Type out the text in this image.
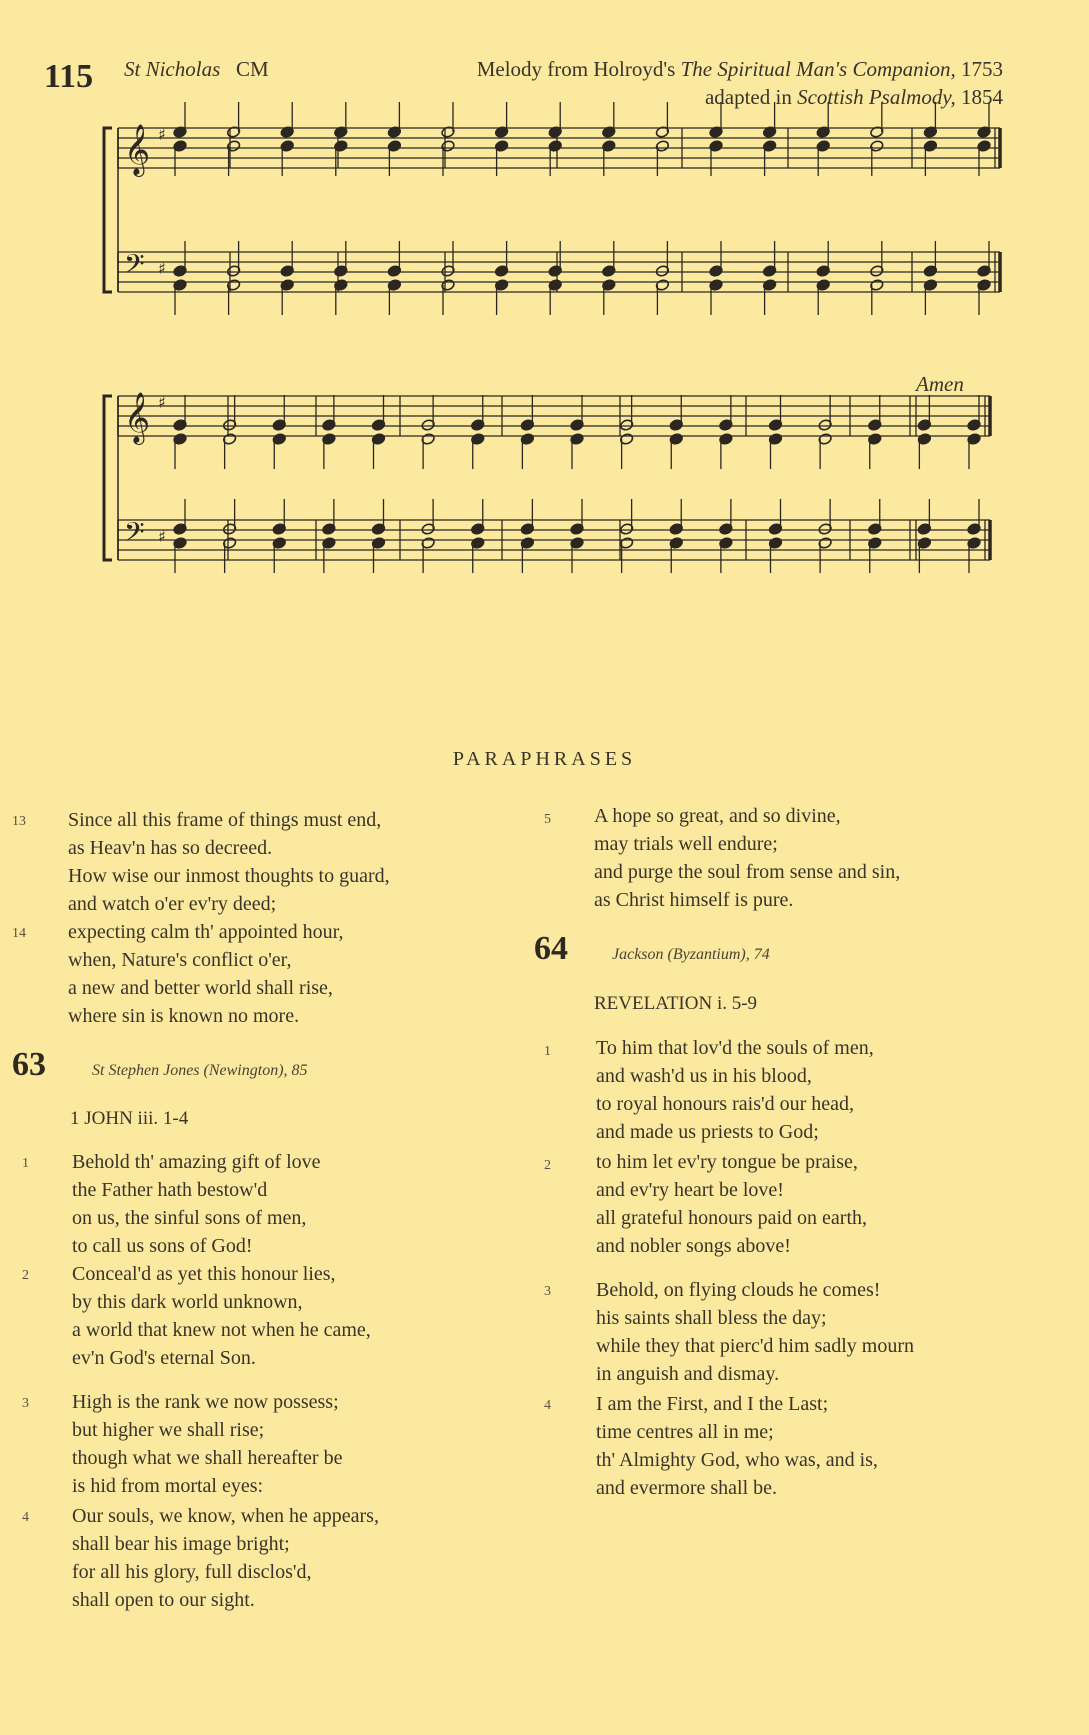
115 St Nicholas CM	Melody from Holroyd's The Spiritual Man's Companion, 1753
adapted in Scottish Psalmody, 1854
Amen
𝄞 ♯
𝄢 ♯
𝄞 ♯
𝄢 ♯
PARAPHRASES
13 Since all this frame of things must end,
as Heav'n has so decreed.
How wise our inmost thoughts to guard,
and watch o'er ev'ry deed;
14 expecting calm th' appointed hour,
when, Nature's conflict o'er,
a new and better world shall rise,
where sin is known no more.
63	St Stephen Jones (Newington), 85
1 JOHN iii. 1-4
1 Behold th' amazing gift of love
the Father hath bestow'd
on us, the sinful sons of men,
to call us sons of God!
2 Conceal'd as yet this honour lies,
by this dark world unknown,
a world that knew not when he came,
ev'n God's eternal Son.
3 High is the rank we now possess;
but higher we shall rise;
though what we shall hereafter be
is hid from mortal eyes:
4 Our souls, we know, when he appears,
shall bear his image bright;
for all his glory, full disclos'd,
shall open to our sight.
5 A hope so great, and so divine,
may trials well endure;
and purge the soul from sense and sin,
as Christ himself is pure.
64	Jackson (Byzantium), 74
REVELATION i. 5-9
1 To him that lov'd the souls of men,
and wash'd us in his blood,
to royal honours rais'd our head,
and made us priests to God;
2 to him let ev'ry tongue be praise,
and ev'ry heart be love!
all grateful honours paid on earth,
and nobler songs above!
3 Behold, on flying clouds he comes!
his saints shall bless the day;
while they that pierc'd him sadly mourn
in anguish and dismay.
4 I am the First, and I the Last;
time centres all in me;
th' Almighty God, who was, and is,
and evermore shall be.
